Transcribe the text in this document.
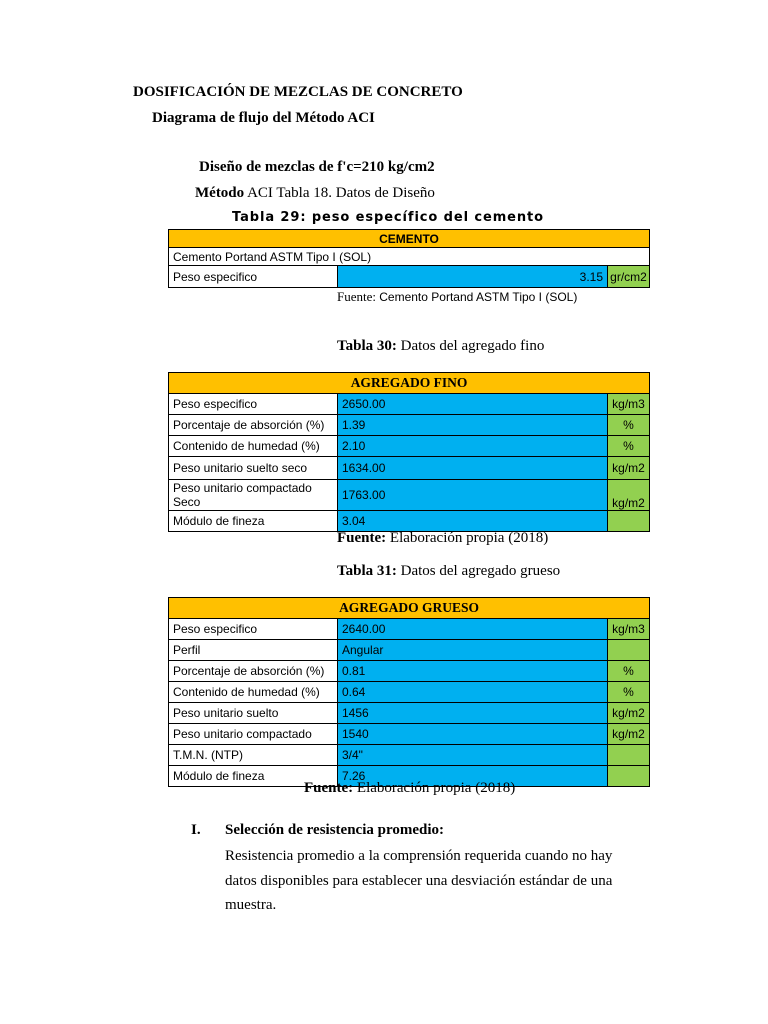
DOSIFICACIÓN DE MEZCLAS DE CONCRETO
Diagrama de flujo del Método ACI
Diseño de mezclas de f'c=210 kg/cm2
Método ACI Tabla 18. Datos de Diseño
Tabla 29: peso específico del cemento
CEMENTO
Cemento Portand ASTM Tipo I (SOL)
Peso especifico	3.15	gr/cm2
Fuente: Cemento Portand ASTM Tipo I (SOL)
Tabla 30: Datos del agregado fino
AGREGADO FINO		
Peso especifico	2650.00	kg/m3
Porcentaje de absorción (%)	1.39	%
Contenido de humedad (%)	2.10	%
Peso unitario suelto seco	1634.00	kg/m2
Peso unitario compactado Seco	1763.00	kg/m2
Módulo de fineza	3.04	
Fuente: Elaboración propia (2018)
Tabla 31: Datos del agregado grueso
AGREGADO GRUESO		
Peso especifico	2640.00	kg/m3
Perfil	Angular	
Porcentaje de absorción (%)	0.81	%
Contenido de humedad (%)	0.64	%
Peso unitario suelto	1456	kg/m2
Peso unitario compactado	1540	kg/m2
T.M.N. (NTP)	3/4"	
Módulo de fineza	7.26	
Fuente: Elaboración propia (2018)
I. Selección de resistencia promedio:
Resistencia promedio a la comprensión requerida cuando no hay datos disponibles para establecer una desviación estándar de una muestra.
